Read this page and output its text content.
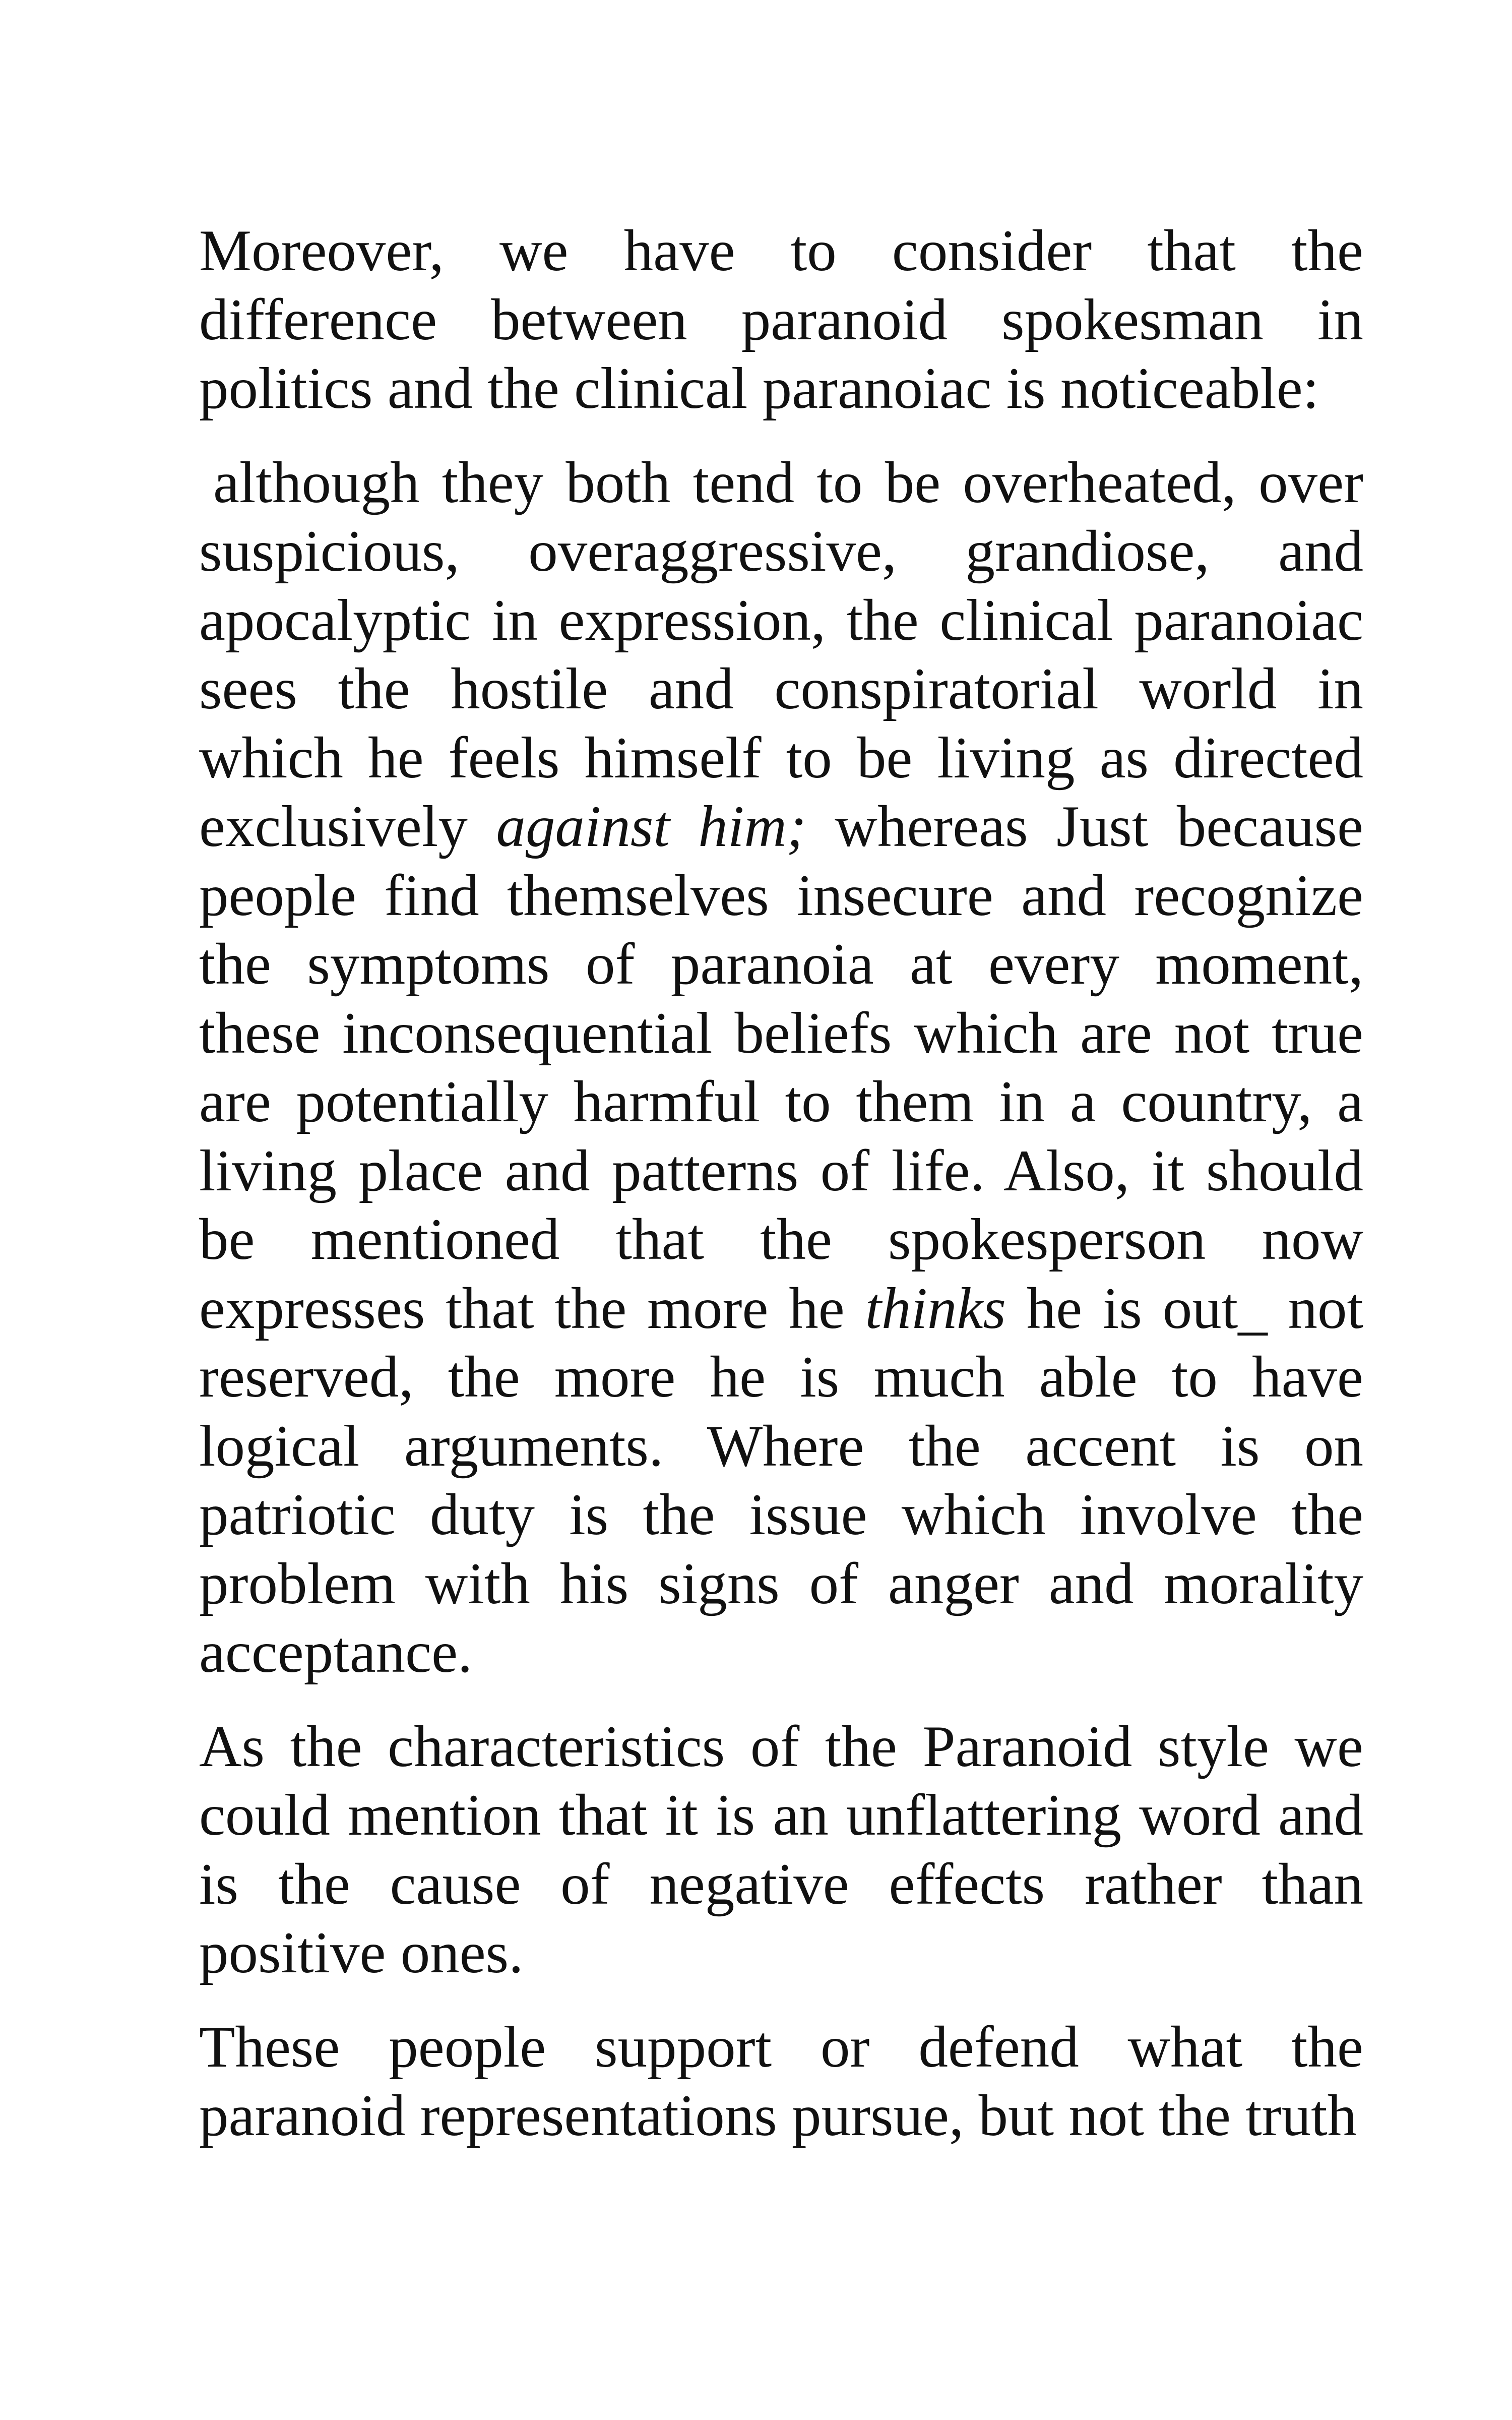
Moreover, we have to consider that the difference between paranoid spokesman in politics and the clinical paranoiac is noticeable:

although they both tend to be overheated, over suspicious, overaggressive, grandiose, and apocalyptic in expression, the clinical paranoiac sees the hostile and conspiratorial world in which he feels himself to be living as directed exclusively against him; whereas Just because people find themselves insecure and recognize the symptoms of paranoia at every moment, these inconsequential beliefs which are not true are potentially harmful to them in a country, a living place and patterns of life. Also, it should be mentioned that the spokesperson now expresses that the more he thinks he is out_ not reserved, the more he is much able to have logical arguments. Where the accent is on patriotic duty is the issue which involve the problem with his signs of anger and morality acceptance.

As the characteristics of the Paranoid style we could mention that it is an unflattering word and is the cause of negative effects rather than positive ones.

These people support or defend what the paranoid representations pursue, but not the truth
